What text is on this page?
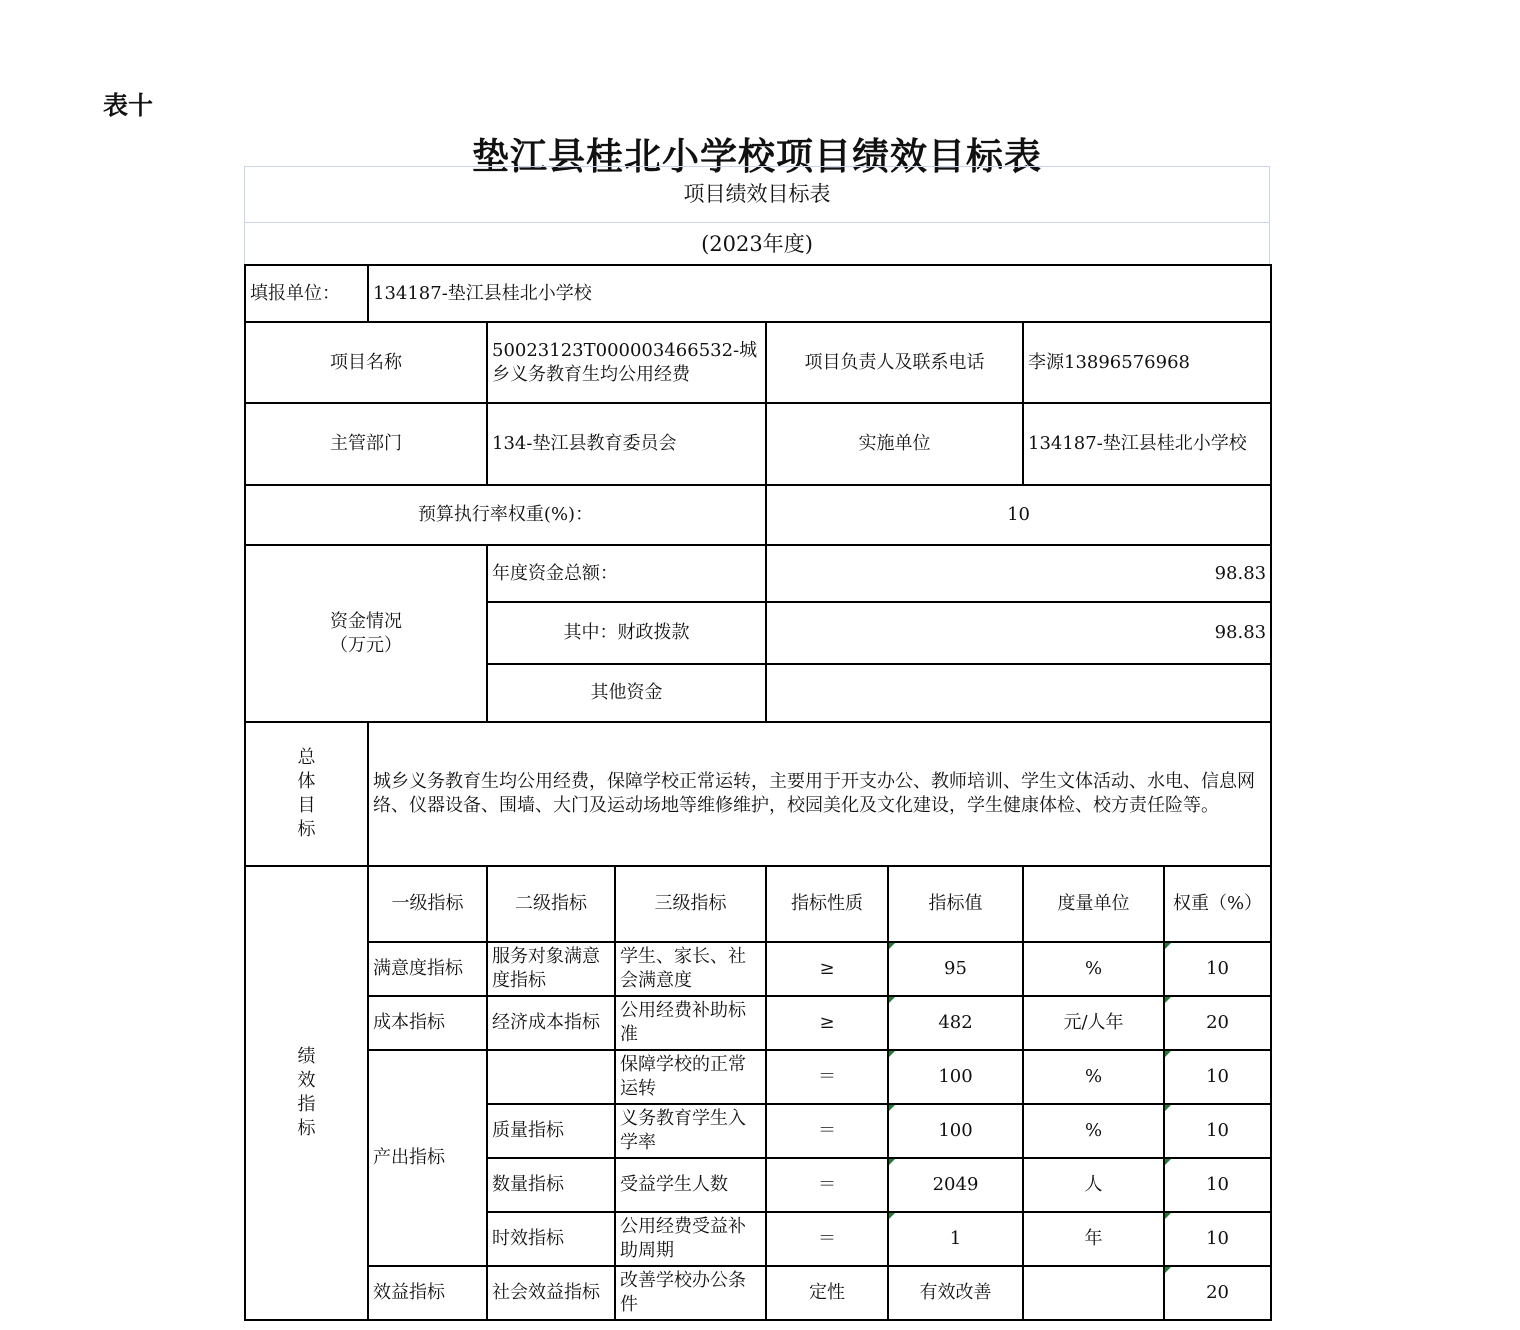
表十
垫江县桂北小学校项目绩效目标表
项目绩效目标表
(2023年度)
填报单位：	134187-垫江县桂北小学校						
项目名称		50023123T000003466532-城乡义务教育生均公用经费		项目负责人及联系电话		李源13896576968	
主管部门		134-垫江县教育委员会		实施单位		134187-垫江县桂北小学校	
预算执行率权重(%)：				10			

资金情况
（万元）		年度资金总额：		98.83			
		其中：财政拨款		98.83			
		其他资金					

总
体
目
标	城乡义务教育生均公用经费，保障学校正常运转，主要用于开支办公、教师培训、学生文体活动、水电、信息网络、仪器设备、围墙、大门及运动场地等维修维护，校园美化及文化建设，学生健康体检、校方责任险等。						

绩
效
指
标	一级指标	二级指标	三级指标	指标性质	指标值	度量单位	权重（%）
	满意度指标	服务对象满意度指标	学生、家长、社会满意度	≥	95	%	10
	成本指标	经济成本指标	公用经费补助标准	≥	482	元/人年	20
	产出指标		保障学校的正常运转	＝	100	%	10
		质量指标	义务教育学生入学率	＝	100	%	10
		数量指标	受益学生人数	＝	2049	人	10
		时效指标	公用经费受益补助周期	＝	1	年	10
	效益指标	社会效益指标	改善学校办公条件	定性	有效改善		20
